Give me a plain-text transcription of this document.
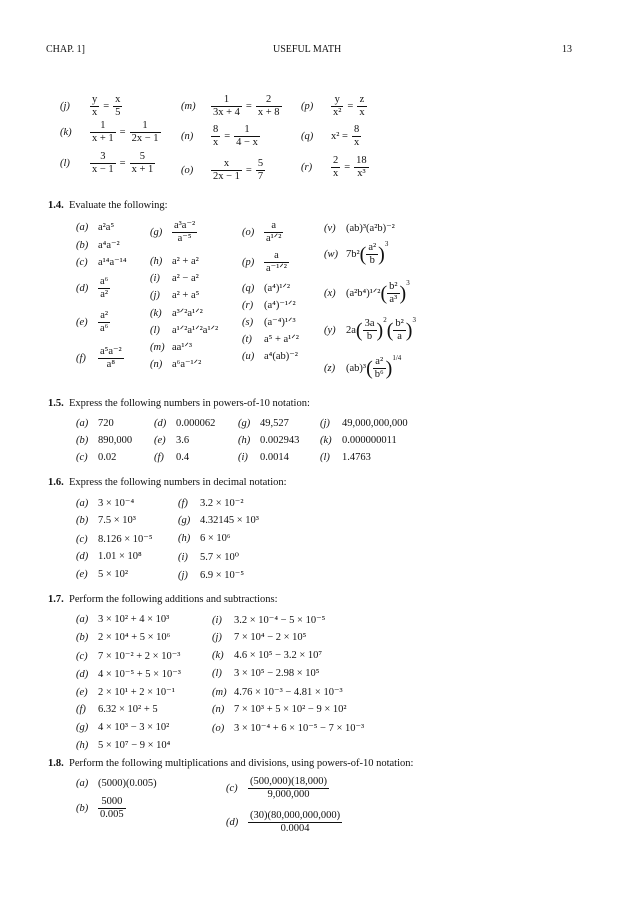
CHAP. 1]	USEFUL MATH	13
(j)	$\frac{y}{x} = \frac{x}{5}$
(k)	$\frac{1}{x + 1} = \frac{1}{2x - 1}$
(l)	$\frac{3}{x - 1} = \frac{5}{x + 1}$
(m)	$\frac{1}{3x + 4} = \frac{2}{x + 8}$
(n)	$\frac{8}{x} = \frac{1}{4 - x}$
(o)	$\frac{x}{2x - 1} = \frac{5}{7}$
(p)	$\frac{y}{\text{x²}} = \frac{z}{x}$
(q)	$x^2 = \frac{8}{x}$
(r)	$\frac{2}{x} = \frac{18}{\text{x³}}$
1.4. Evaluate the following:
(a) a²a⁵
(b) a⁴a⁻²
(c) a¹⁴a⁻¹⁴
$(d) \frac{\text{a⁶}}{\text{a²}}$
$(e) \frac{\text{a²}}{\text{a⁶}}$
$(f) \frac{\text{a⁵a⁻²}}{\text{a⁸}}$
$(g) \frac{\text{a³a⁻²}}{\text{a⁻⁵}}$
(h) a² + a²
(i) a² − a²
(j) a² + a⁵
(k) a³ᐟ²a¹ᐟ²
(l) a¹ᐟ²a¹ᐟ²a¹ᐟ²
(m) aa¹ᐟ³
(n) a⁶a⁻¹ᐟ²
$(o) \frac{a}{\text{a¹ᐟ²}}$
$(p) \frac{a}{\text{a⁻¹ᐟ²}}$
(q) (a⁴)¹ᐟ²
(r) (a⁴)⁻¹ᐟ²
(s) (a⁻⁴)¹ᐟ³
(t) a⁵ + a¹ᐟ²
(u) a⁴(ab)⁻²
(v) (ab)³(a²b)⁻²
(w) $7b^2( \frac{\text{a²}}{b} )^3$
(x) (a²b⁴)¹ᐟ²( $\frac{\text{b²}}{\text{a³}} )^3$
(y) $2a( \frac{3a}{b} )^2( \frac{\text{b²}}{a} )^3$
(z) $(ab)^3( \frac{\text{a²}}{\text{b⁶}} )^{1/4}$
1.5. Express the following numbers in powers-of-10 notation:
(a) 720
(b) 890,000
(c) 0.02
(d) 0.000062
(e) 3.6
(f) 0.4
(g) 49,527
(h) 0.002943
(i) 0.0014
(j) 49,000,000,000
(k) 0.000000011
(l) 1.4763
1.6. Express the following numbers in decimal notation:
(a) 3 × 10⁻⁴
(b) 7.5 × 10³
(c) 8.126 × 10⁻⁵
(d) 1.01 × 10⁸
(e) 5 × 10²
(f) 3.2 × 10⁻²
(g) 4.32145 × 10³
(h) 6 × 10⁶
(i) 5.7 × 10⁰
(j) 6.9 × 10⁻⁵
1.7. Perform the following additions and subtractions:
(a) 3 × 10² + 4 × 10³
(b) 2 × 10⁴ + 5 × 10⁶
(c) 7 × 10⁻² + 2 × 10⁻³
(d) 4 × 10⁻⁵ + 5 × 10⁻³
(e) 2 × 10¹ + 2 × 10⁻¹
(f) 6.32 × 10² + 5
(g) 4 × 10³ − 3 × 10²
(h) 5 × 10⁷ − 9 × 10⁴
(i) 3.2 × 10⁻⁴ − 5 × 10⁻⁵
(j) 7 × 10⁴ − 2 × 10⁵
(k) 4.6 × 10⁵ − 3.2 × 10⁷
(l) 3 × 10⁵ − 2.98 × 10⁵
(m) 4.76 × 10⁻³ − 4.81 × 10⁻³
(n) 7 × 10³ + 5 × 10² − 9 × 10²
(o) 3 × 10⁻⁴ + 6 × 10⁻⁵ − 7 × 10⁻³
1.8. Perform the following multiplications and divisions, using powers-of-10 notation:
(a) (5000)(0.005)
$(b) \frac{5000}{0.005}$
$(c) \frac{(500,000)(18,000)}{9,000,000}$
$(d) \frac{(30)(80,000,000,000)}{0.0004}$
